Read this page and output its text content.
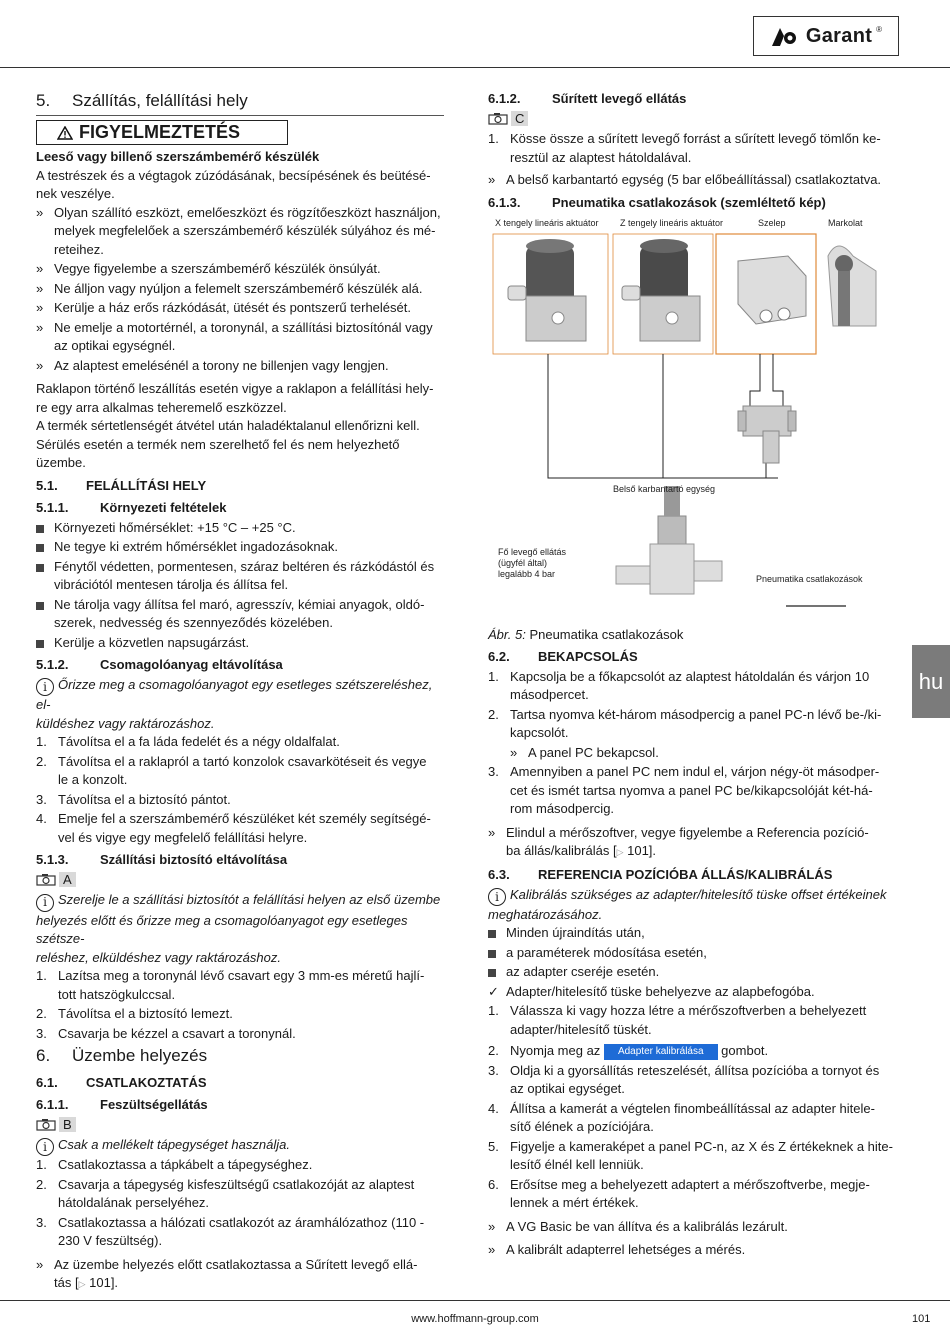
Garant ®
5. Szállítás, felállítási hely
FIGYELMEZTETÉS

Leeső vagy billenő szerszámbemérő készülék

A testrészek és a végtagok zúzódásának, becsípésének és beütésé-

nek veszélye.

» Olyan szállító eszközt, emelőeszközt és rögzítőeszközt használjon,
melyek megfelelőek a szerszámbemérő készülék súlyához és mé-
reteihez.
» Vegye figyelembe a szerszámbemérő készülék önsúlyát.
» Ne álljon vagy nyúljon a felemelt szerszámbemérő készülék alá.
» Kerülje a ház erős rázkódását, ütését és pontszerű terhelését.
» Ne emelje a motortérnél, a toronynál, a szállítási biztosítónál vagy
az optikai egységnél.
» Az alaptest emelésénél a torony ne billenjen vagy lengjen.

Raklapon történő leszállítás esetén vigye a raklapon a felállítási hely-

re egy arra alkalmas teheremelő eszközzel.

A termék sértetlenségét átvétel után haladéktalanul ellenőrizni kell.

Sérülés esetén a termék nem szerelhető fel és nem helyezhető

üzembe.

5.1. FELÁLLÍTÁSI HELY
5.1.1. Környezeti feltételek
Környezeti hőmérséklet: +15 °C – +25 °C.
Ne tegye ki extrém hőmérséklet ingadozásoknak.
Fénytől védetten, pormentesen, száraz beltéren és rázkódástól és
vibrációtól mentesen tárolja és állítsa fel.
Ne tárolja vagy állítsa fel maró, agresszív, kémiai anyagok, oldó-
szerek, nedvesség és szennyeződés közelében.
Kerülje a közvetlen napsugárzást.
5.1.2. Csomagolóanyag eltávolítása

i Őrizze meg a csomagolóanyagot egy esetleges szétszereléshez, el-

küldéshez vagy raktározáshoz.

1. Távolítsa el a fa láda fedelét és a négy oldalfalat.
2. Távolítsa el a raklapról a tartó konzolok csavarkötéseit és vegye
le a konzolt.
3. Távolítsa el a biztosító pántot.
4. Emelje fel a szerszámbemérő készüléket két személy segítségé-
vel és vigye egy megfelelő felállítási helyre.
5.1.3. Szállítási biztosító eltávolítása
A

i Szerelje le a szállítási biztosítót a felállítási helyen az első üzembe

helyezés előtt és őrizze meg a csomagolóanyagot egy esetleges szétsze-

reléshez, elküldéshez vagy raktározáshoz.

1. Lazítsa meg a toronynál lévő csavart egy 3 mm-es méretű hajlí-
tott hatszögkulccsal.
2. Távolítsa el a biztosító lemezt.
3. Csavarja be kézzel a csavart a toronynál.
6. Üzembe helyezés
6.1. CSATLAKOZTATÁS
6.1.1. Feszültségellátás
B

i Csak a mellékelt tápegységet használja.

1. Csatlakoztassa a tápkábelt a tápegységhez.
2. Csavarja a tápegység kisfeszültségű csatlakozóját az alaptest
hátoldalának perselyéhez.
3. Csatlakoztassa a hálózati csatlakozót az áramhálózathoz (110 -
230 V feszültség).
» Az üzembe helyezés előtt csatlakoztassa a Sűrített levegő ellá-
tás [▷ 101].
6.1.2. Sűrített levegő ellátás
C
1. Kösse össze a sűrített levegő forrást a sűrített levegő tömlőn ke-
resztül az alaptest hátoldalával.
» A belső karbantartó egység (5 bar előbeállítással) csatlakoztatva.
6.1.3. Pneumatika csatlakozások (szemléltető kép)
X tengely lineáris aktuátor Z tengely lineáris aktuátor	Szelep	Markolat
Belső karbantartó egység
Fő levegő ellátás
(ügyfél által)
legalább 4 bar	Pneumatika csatlakozások

Ábr. 5: Pneumatika csatlakozások

6.2. BEKAPCSOLÁS
1. Kapcsolja be a főkapcsolót az alaptest hátoldalán és várjon 10
másodpercet.
2. Tartsa nyomva két-három másodpercig a panel PC-n lévő be-/ki-
kapcsolót.
» A panel PC bekapcsol.
3. Amennyiben a panel PC nem indul el, várjon négy-öt másodper-
cet és ismét tartsa nyomva a panel PC be/kikapcsolóját két-há-
rom másodpercig.
» Elindul a mérőszoftver, vegye figyelembe a Referencia pozíció-
ba állás/kalibrálás [▷ 101].
6.3. REFERENCIA POZÍCIÓBA ÁLLÁS/KALIBRÁLÁS

i Kalibrálás szükséges az adapter/hitelesítő tüske offset értékeinek

meghatározásához.

Minden újraindítás után,
a paraméterek módosítása esetén,
az adapter cseréje esetén.
✓ Adapter/hitelesítő tüske behelyezve az alapbefogóba.
1. Válassza ki vagy hozza létre a mérőszoftverben a behelyezett
adapter/hitelesítő tüskét.
2. Nyomja meg az Adapter kalibrálása gombot.
3. Oldja ki a gyorsállítás reteszelését, állítsa pozícióba a tornyot és
az optikai egységet.
4. Állítsa a kamerát a végtelen finombeállítással az adapter hitele-
sítő élének a pozíciójára.
5. Figyelje a kameraképet a panel PC-n, az X és Z értékeknek a hite-
lesítő élnél kell lenniük.
6. Erősítse meg a behelyezett adaptert a mérőszoftverbe, megje-
lennek a mért értékek.
» A VG Basic be van állítva és a kalibrálás lezárult.
» A kalibrált adapterrel lehetséges a mérés.
hu
www.hoffmann-group.com	101
